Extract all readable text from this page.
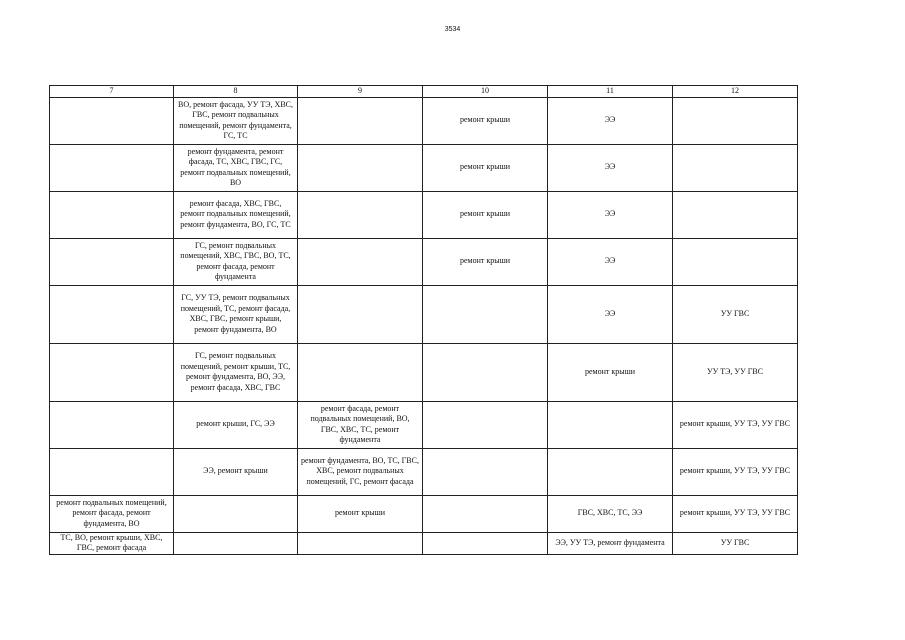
3534
7	8	9	10	11	12
	ВО, ремонт фасада, УУ ТЭ, ХВС, ГВС, ремонт подвальных помещений, ремонт фундамента, ГС, ТС		ремонт крыши	ЭЭ	
	ремонт фундамента, ремонт фасада, ТС, ХВС, ГВС, ГС, ремонт подвальных помещений, ВО		ремонт крыши	ЭЭ	
	ремонт фасада, ХВС, ГВС, ремонт подвальных помещений, ремонт фундамента, ВО, ГС, ТС		ремонт крыши	ЭЭ	
	ГС, ремонт подвальных помещений, ХВС, ГВС, ВО, ТС, ремонт фасада, ремонт фундамента		ремонт крыши	ЭЭ	
	ГС, УУ ТЭ, ремонт подвальных помещений, ТС, ремонт фасада, ХВС, ГВС, ремонт крыши, ремонт фундамента, ВО			ЭЭ	УУ ГВС
	ГС, ремонт подвальных помещений, ремонт крыши, ТС, ремонт фундамента, ВО, ЭЭ, ремонт фасада, ХВС, ГВС			ремонт крыши	УУ ТЭ, УУ ГВС
	ремонт крыши, ГС, ЭЭ	ремонт фасада, ремонт подвальных помещений, ВО, ГВС, ХВС, ТС, ремонт фундамента			ремонт крыши, УУ ТЭ, УУ ГВС
	ЭЭ, ремонт крыши	ремонт фундамента, ВО, ТС, ГВС, ХВС, ремонт подвальных помещений, ГС, ремонт фасада			ремонт крыши, УУ ТЭ, УУ ГВС
ремонт подвальных помещений, ремонт фасада, ремонт фундамента, ВО		ремонт крыши		ГВС, ХВС, ТС, ЭЭ	ремонт крыши, УУ ТЭ, УУ ГВС
ТС, ВО, ремонт крыши, ХВС, ГВС, ремонт фасада				ЭЭ, УУ ТЭ, ремонт фундамента	УУ ГВС
